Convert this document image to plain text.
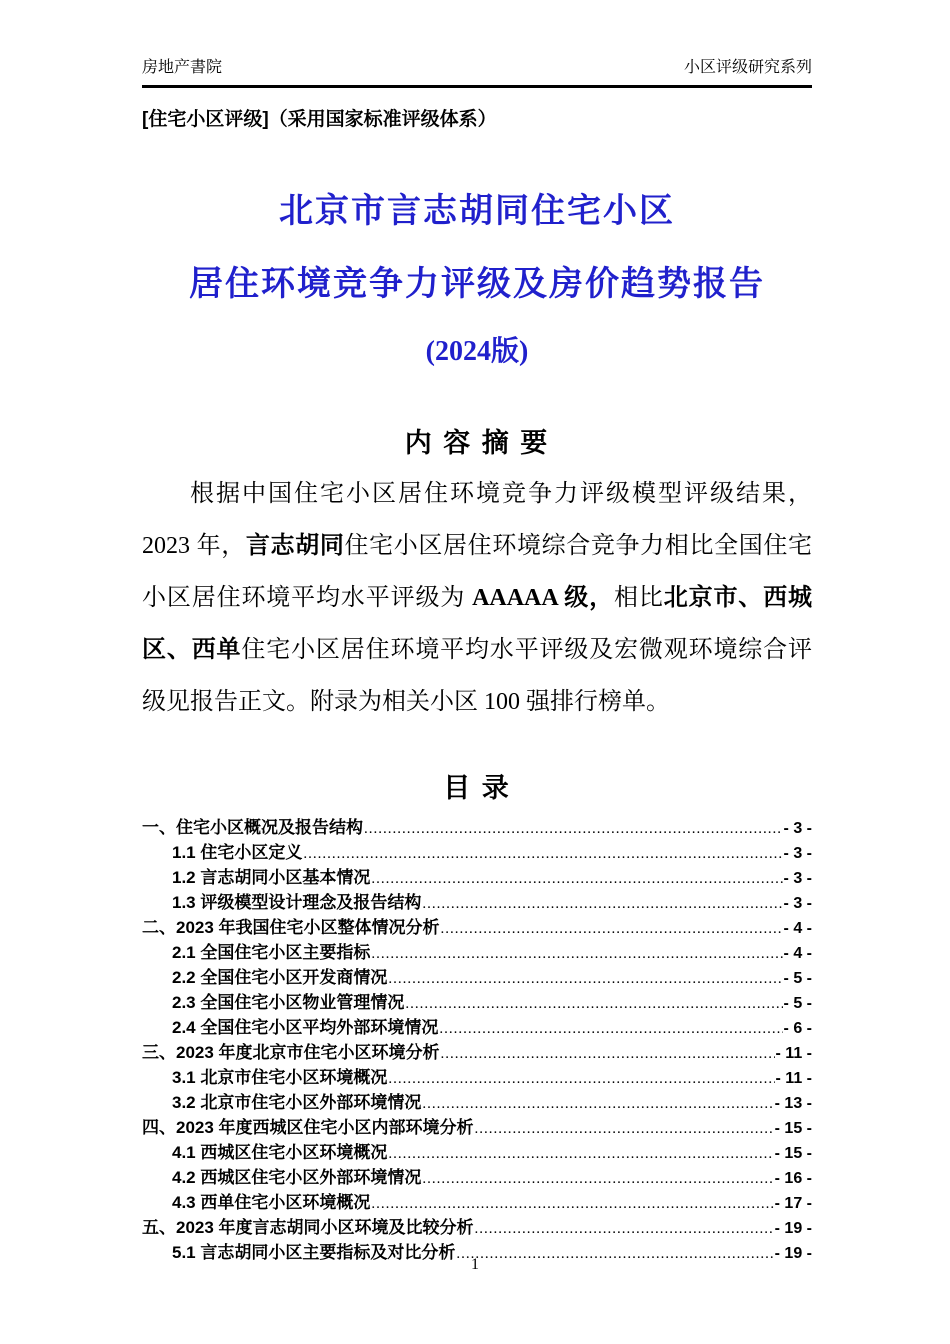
房地产書院	小区评级研究系列
[住宅小区评级]（采用国家标准评级体系）
北京市言志胡同住宅小区
居住环境竞争力评级及房价趋势报告
(2024版)
内 容 摘 要

根据中国住宅小区居住环境竞争力评级模型评级结果，2023 年，言志胡同住宅小区居住环境综合竞争力相比全国住宅小区居住环境平均水平评级为 AAAAA 级，相比北京市、西城区、西单住宅小区居住环境平均水平评级及宏微观环境综合评级见报告正文。附录为相关小区 100 强排行榜单。

目 录
一、住宅小区概况及报告结构 .....	- 3 -
1.1 住宅小区定义 .....	- 3 -
1.2 言志胡同小区基本情况 .....	- 3 -
1.3 评级模型设计理念及报告结构 .....	- 3 -
二、2023 年我国住宅小区整体情况分析 .....	- 4 -
2.1 全国住宅小区主要指标 .....	- 4 -
2.2 全国住宅小区开发商情况 .....	- 5 -
2.3 全国住宅小区物业管理情况 .....	- 5 -
2.4 全国住宅小区平均外部环境情况 .....	- 6 -
三、2023 年度北京市住宅小区环境分析 .....	- 11 -
3.1 北京市住宅小区环境概况 .....	- 11 -
3.2 北京市住宅小区外部环境情况 .....	- 13 -
四、2023 年度西城区住宅小区内部环境分析 .....	- 15 -
4.1 西城区住宅小区环境概况 .....	- 15 -
4.2 西城区住宅小区外部环境情况 .....	- 16 -
4.3 西单住宅小区环境概况 .....	- 17 -
五、2023 年度言志胡同小区环境及比较分析 .....	- 19 -
5.1 言志胡同小区主要指标及对比分析 .....	- 19 -
1
